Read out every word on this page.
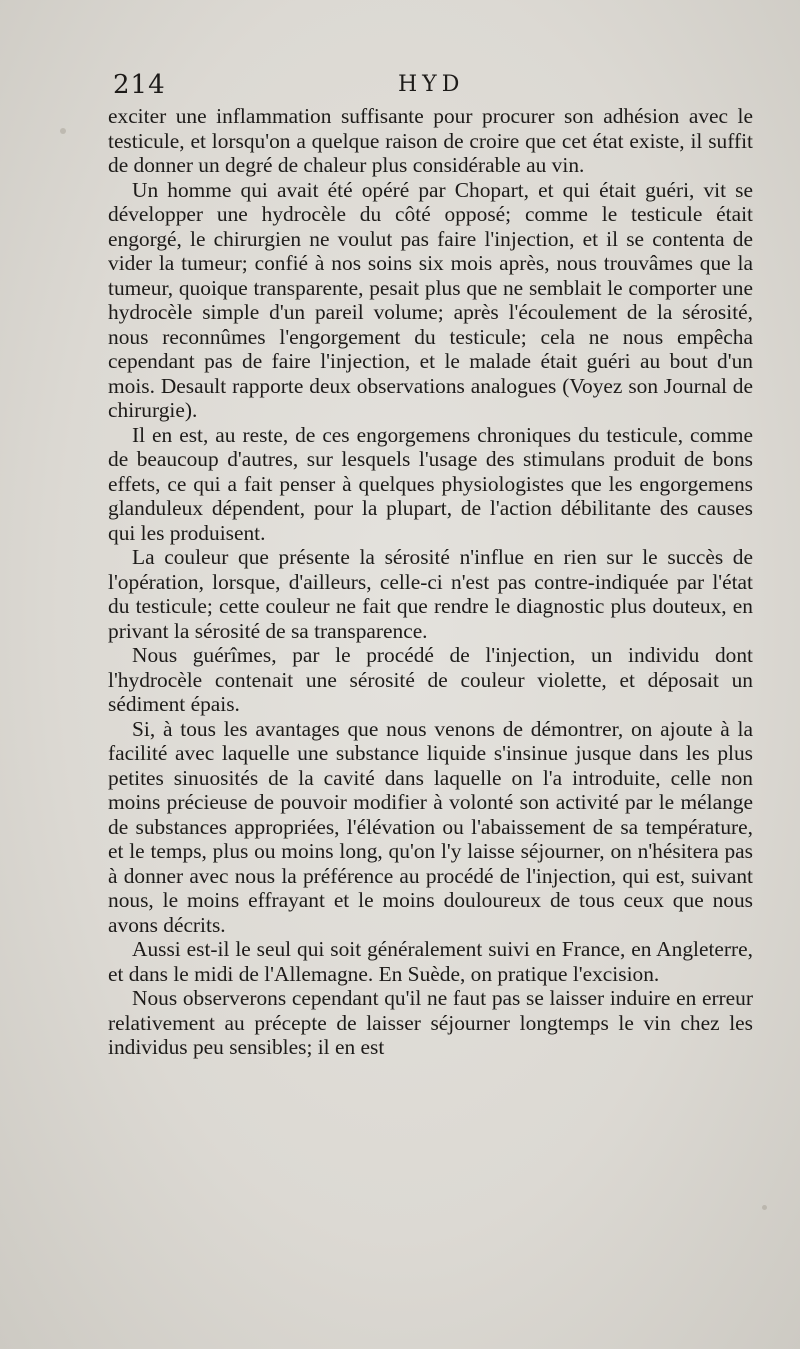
214	HYD

exciter une inflammation suffisante pour procurer son adhésion avec le testicule, et lorsqu'on a quelque raison de croire que cet état existe, il suffit de donner un degré de chaleur plus considérable au vin.

Un homme qui avait été opéré par Chopart, et qui était guéri, vit se développer une hydrocèle du côté opposé; comme le testicule était engorgé, le chirurgien ne voulut pas faire l'injection, et il se contenta de vider la tumeur; confié à nos soins six mois après, nous trouvâmes que la tumeur, quoique transparente, pesait plus que ne semblait le comporter une hydrocèle simple d'un pareil volume; après l'écoulement de la sérosité, nous reconnûmes l'engorgement du testicule; cela ne nous empêcha cependant pas de faire l'injection, et le malade était guéri au bout d'un mois. Desault rapporte deux observations analogues (Voyez son Journal de chirurgie).

Il en est, au reste, de ces engorgemens chroniques du testicule, comme de beaucoup d'autres, sur lesquels l'usage des stimulans produit de bons effets, ce qui a fait penser à quelques physiologistes que les engorgemens glanduleux dépendent, pour la plupart, de l'action débilitante des causes qui les produisent.

La couleur que présente la sérosité n'influe en rien sur le succès de l'opération, lorsque, d'ailleurs, celle-ci n'est pas contre-indiquée par l'état du testicule; cette couleur ne fait que rendre le diagnostic plus douteux, en privant la sérosité de sa transparence.

Nous guérîmes, par le procédé de l'injection, un individu dont l'hydrocèle contenait une sérosité de couleur violette, et déposait un sédiment épais.

Si, à tous les avantages que nous venons de démontrer, on ajoute à la facilité avec laquelle une substance liquide s'insinue jusque dans les plus petites sinuosités de la cavité dans laquelle on l'a introduite, celle non moins précieuse de pouvoir modifier à volonté son activité par le mélange de substances appropriées, l'élévation ou l'abaissement de sa température, et le temps, plus ou moins long, qu'on l'y laisse séjourner, on n'hésitera pas à donner avec nous la préférence au procédé de l'injection, qui est, suivant nous, le moins effrayant et le moins douloureux de tous ceux que nous avons décrits.

Aussi est-il le seul qui soit généralement suivi en France, en Angleterre, et dans le midi de l'Allemagne. En Suède, on pratique l'excision.

Nous observerons cependant qu'il ne faut pas se laisser induire en erreur relativement au précepte de laisser séjourner longtemps le vin chez les individus peu sensibles; il en est
